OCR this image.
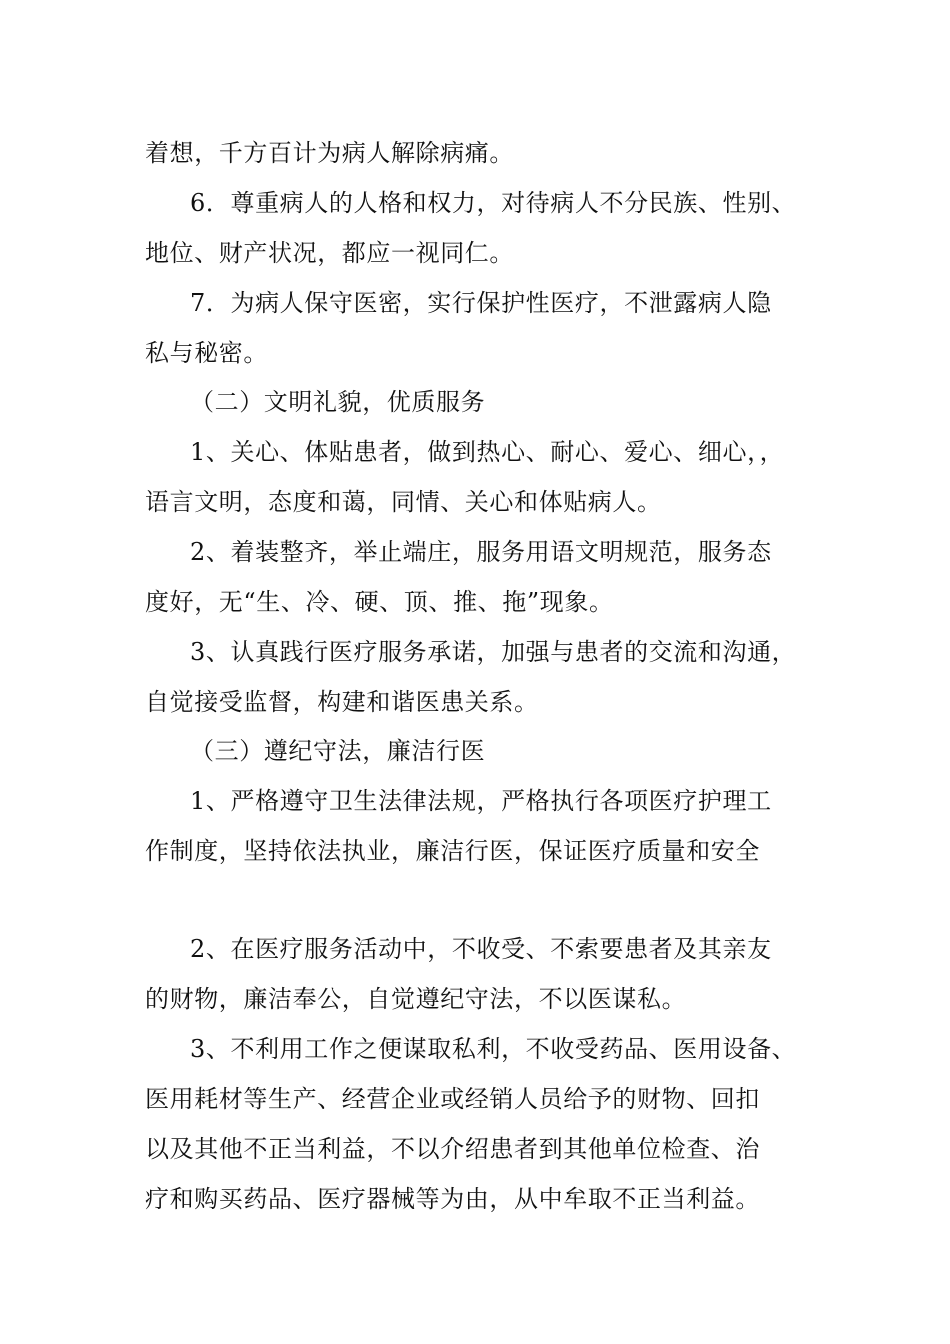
着想，千方百计为病人解除病痛。
6．尊重病人的人格和权力，对待病人不分民族、性别、
地位、财产状况，都应一视同仁。
7．为病人保守医密，实行保护性医疗，不泄露病人隐
私与秘密。
（二）文明礼貌，优质服务
1、关心、体贴患者，做到热心、耐心、爱心、细心，，
语言文明，态度和蔼，同情、关心和体贴病人。
2、着装整齐，举止端庄，服务用语文明规范，服务态
度好，无“生、冷、硬、顶、推、拖”现象。
3、认真践行医疗服务承诺，加强与患者的交流和沟通，
自觉接受监督，构建和谐医患关系。
（三）遵纪守法，廉洁行医
1、严格遵守卫生法律法规，严格执行各项医疗护理工
作制度，坚持依法执业，廉洁行医，保证医疗质量和安全
2、在医疗服务活动中，不收受、不索要患者及其亲友
的财物，廉洁奉公，自觉遵纪守法，不以医谋私。
3、不利用工作之便谋取私利，不收受药品、医用设备、
医用耗材等生产、经营企业或经销人员给予的财物、回扣
以及其他不正当利益，不以介绍患者到其他单位检查、治
疗和购买药品、医疗器械等为由，从中牟取不正当利益。
